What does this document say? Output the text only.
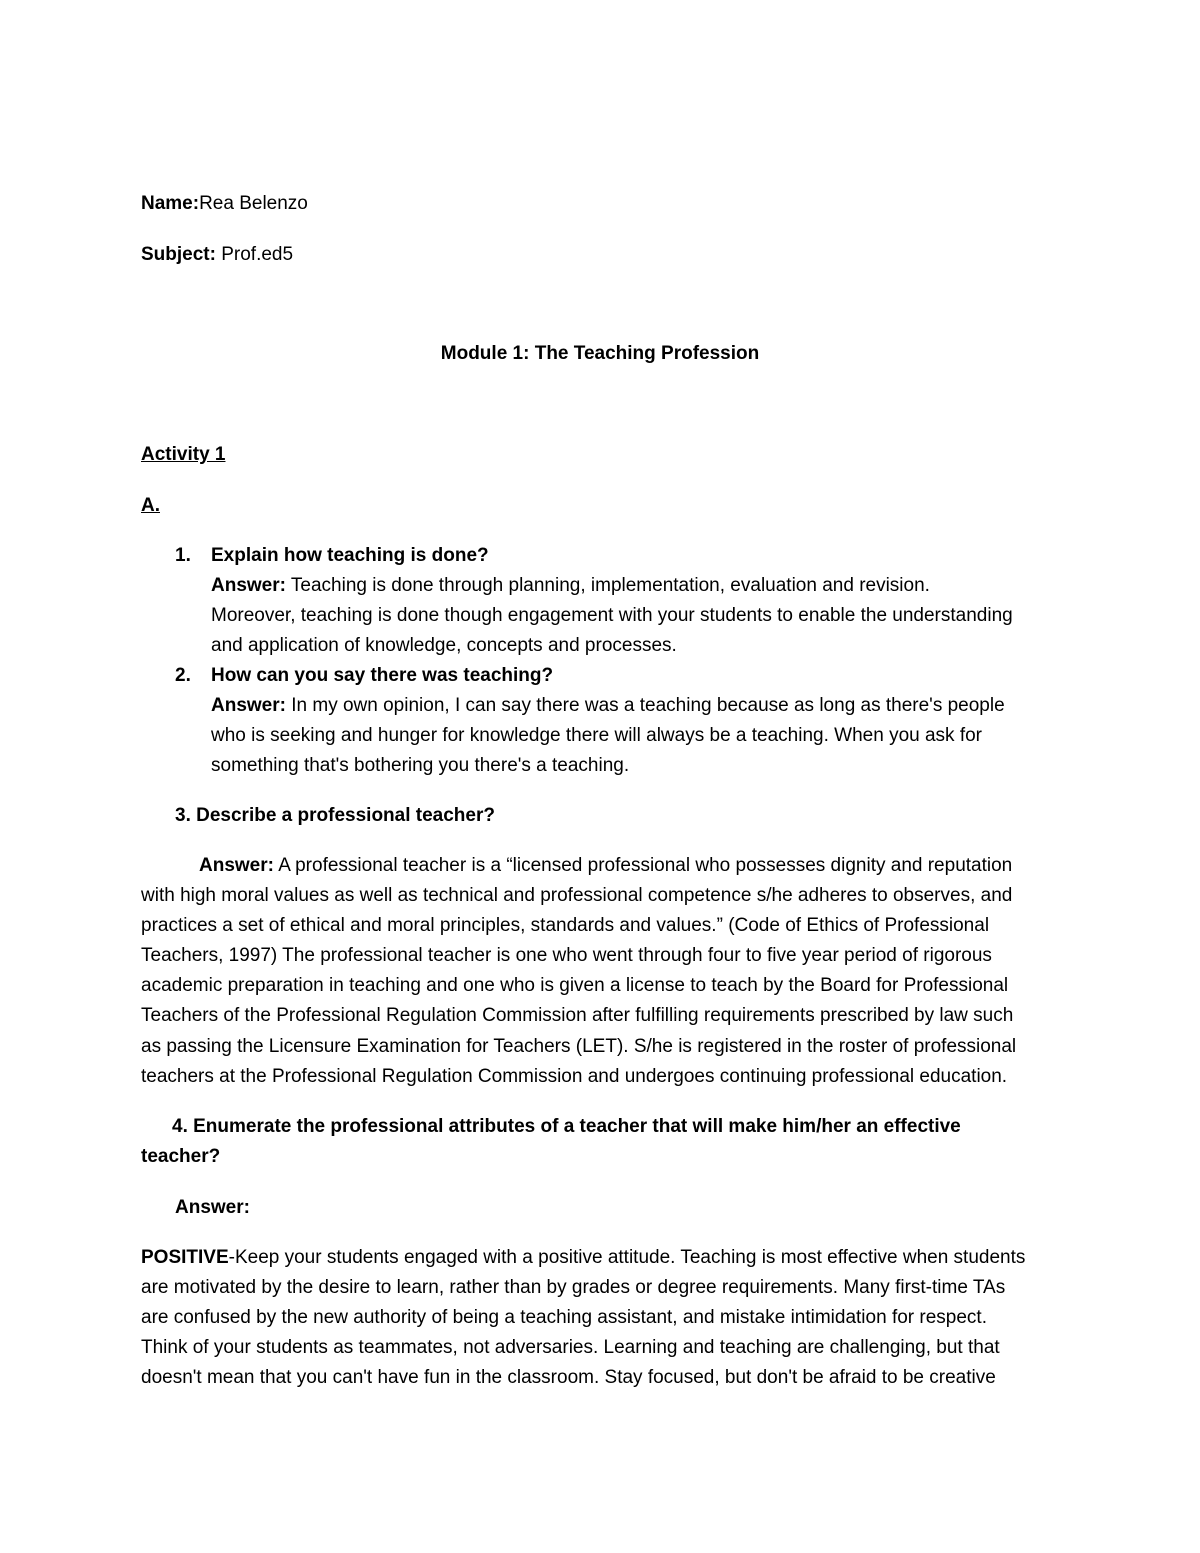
Name:Rea Belenzo
Subject: Prof.ed5
Module 1: The Teaching Profession
Activity 1
A.
1. Explain how teaching is done?
Answer: Teaching is done through planning, implementation, evaluation and revision.
Moreover, teaching is done though engagement with your students to enable the understanding
and application of knowledge, concepts and processes.
2. How can you say there was teaching?
Answer: In my own opinion, I can say there was a teaching because as long as there's people
who is seeking and hunger for knowledge there will always be a teaching. When you ask for
something that's bothering you there's a teaching.
3. Describe a professional teacher?
Answer: A professional teacher is a “licensed professional who possesses dignity and reputation
with high moral values as well as technical and professional competence s/he adheres to observes, and
practices a set of ethical and moral principles, standards and values.” (Code of Ethics of Professional
Teachers, 1997) The professional teacher is one who went through four to five year period of rigorous
academic preparation in teaching and one who is given a license to teach by the Board for Professional
Teachers of the Professional Regulation Commission after fulfilling requirements prescribed by law such
as passing the Licensure Examination for Teachers (LET). S/he is registered in the roster of professional
teachers at the Professional Regulation Commission and undergoes continuing professional education.
4. Enumerate the professional attributes of a teacher that will make him/her an effective
teacher?
Answer:
POSITIVE-Keep your students engaged with a positive attitude. Teaching is most effective when students
are motivated by the desire to learn, rather than by grades or degree requirements. Many first-time TAs
are confused by the new authority of being a teaching assistant, and mistake intimidation for respect.
Think of your students as teammates, not adversaries. Learning and teaching are challenging, but that
doesn't mean that you can't have fun in the classroom. Stay focused, but don't be afraid to be creative
